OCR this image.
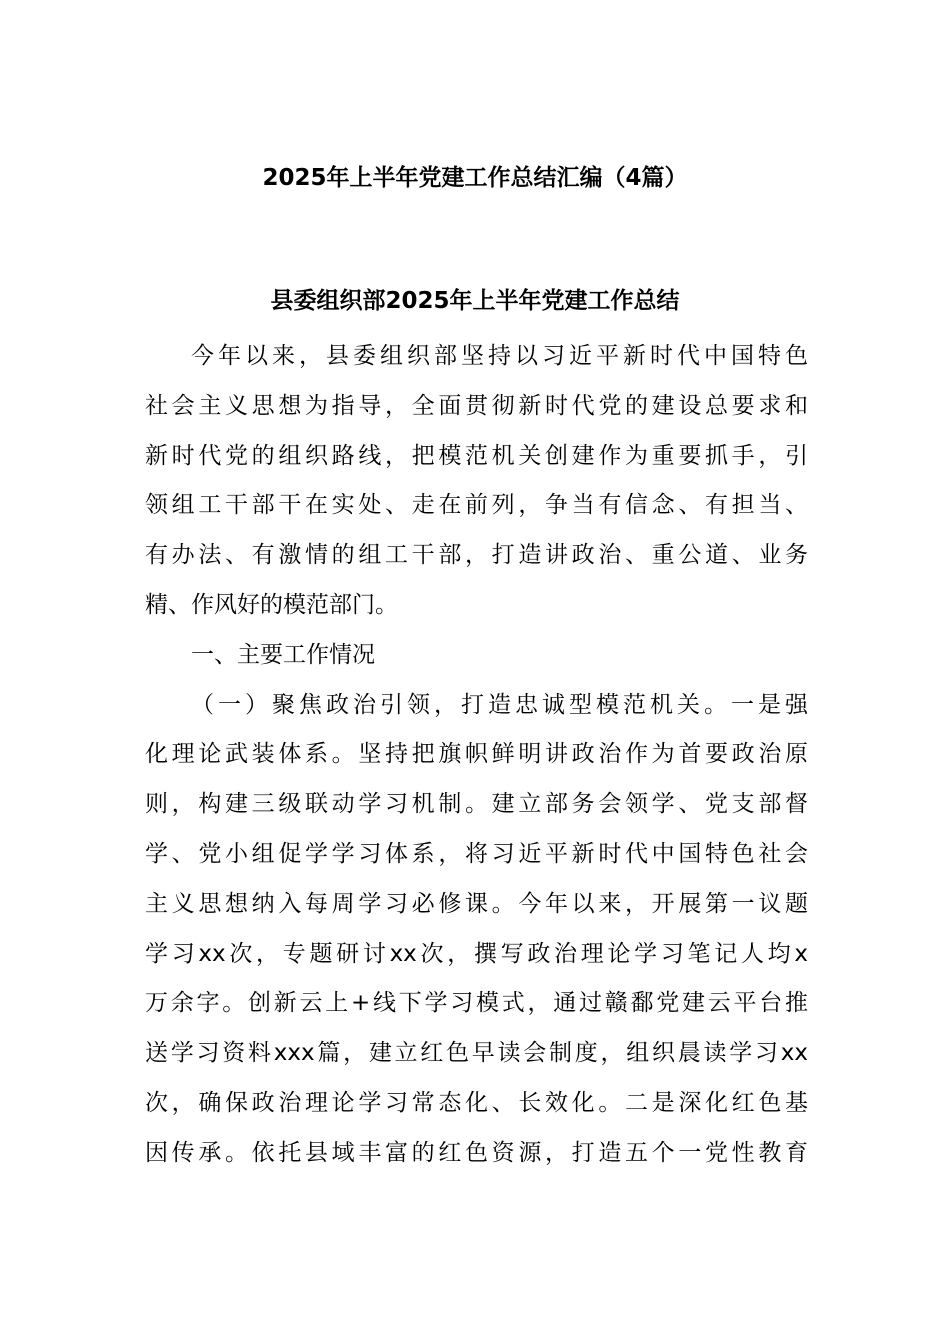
2025年上半年党建工作总结汇编（4篇）
县委组织部2025年上半年党建工作总结
今年以来，县委组织部坚持以习近平新时代中国特色
社会主义思想为指导，全面贯彻新时代党的建设总要求和
新时代党的组织路线，把模范机关创建作为重要抓手，引
领组工干部干在实处、走在前列，争当有信念、有担当、
有办法、有激情的组工干部，打造讲政治、重公道、业务
精、作风好的模范部门。
一、主要工作情况
（一）聚焦政治引领，打造忠诚型模范机关。一是强
化理论武装体系。坚持把旗帜鲜明讲政治作为首要政治原
则，构建三级联动学习机制。建立部务会领学、党支部督
学、党小组促学学习体系，将习近平新时代中国特色社会
主义思想纳入每周学习必修课。今年以来，开展第一议题
学习xx次，专题研讨xx次，撰写政治理论学习笔记人均x
万余字。创新云上+线下学习模式，通过赣鄱党建云平台推
送学习资料xxx篇，建立红色早读会制度，组织晨读学习xx
次，确保政治理论学习常态化、长效化。二是深化红色基
因传承。依托县域丰富的红色资源，打造五个一党性教育
